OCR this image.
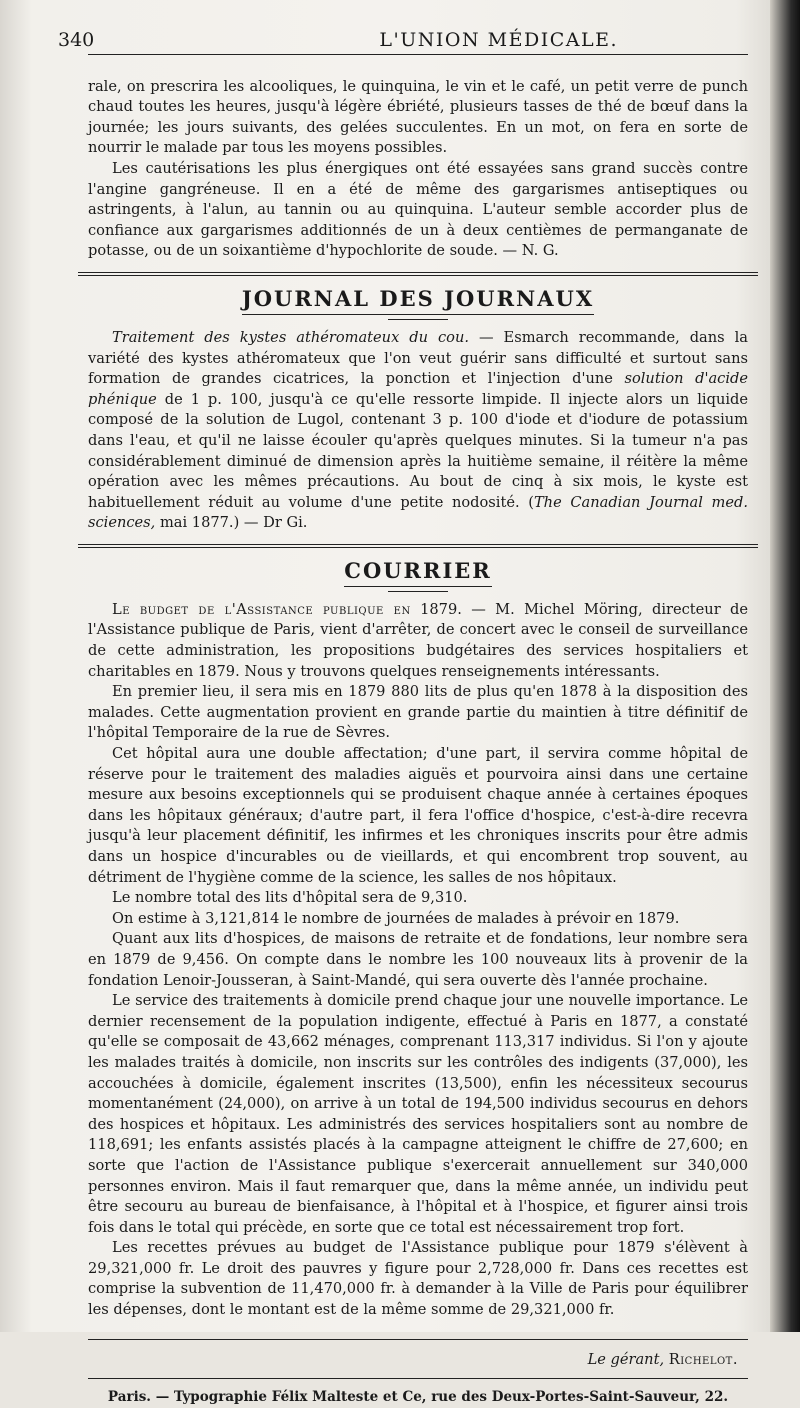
340	L'UNION MÉDICALE.

rale, on prescrira les alcooliques, le quinquina, le vin et le café, un petit verre de punch chaud toutes les heures, jusqu'à légère ébriété, plusieurs tasses de thé de bœuf dans la journée; les jours suivants, des gelées succulentes. En un mot, on fera en sorte de nourrir le malade par tous les moyens possibles.

Les cautérisations les plus énergiques ont été essayées sans grand succès contre l'angine gangréneuse. Il en a été de même des gargarismes antiseptiques ou astringents, à l'alun, au tannin ou au quinquina. L'auteur semble accorder plus de confiance aux gargarismes additionnés de un à deux centièmes de permanganate de potasse, ou de un soixantième d'hypochlorite de soude. — N. G.

JOURNAL DES JOURNAUX

Traitement des kystes athéromateux du cou. — Esmarch recommande, dans la variété des kystes athéromateux que l'on veut guérir sans difficulté et surtout sans formation de grandes cicatrices, la ponction et l'injection d'une solution d'acide phénique de 1 p. 100, jusqu'à ce qu'elle ressorte limpide. Il injecte alors un liquide composé de la solution de Lugol, contenant 3 p. 100 d'iode et d'iodure de potassium dans l'eau, et qu'il ne laisse écouler qu'après quelques minutes. Si la tumeur n'a pas considérablement diminué de dimension après la huitième semaine, il réitère la même opération avec les mêmes précautions. Au bout de cinq à six mois, le kyste est habituellement réduit au volume d'une petite nodosité. (The Canadian Journal med. sciences, mai 1877.) — Dr Gi.

COURRIER

Le budget de l'Assistance publique en 1879. — M. Michel Möring, directeur de l'Assistance publique de Paris, vient d'arrêter, de concert avec le conseil de surveillance de cette administration, les propositions budgétaires des services hospitaliers et charitables en 1879. Nous y trouvons quelques renseignements intéressants.

En premier lieu, il sera mis en 1879 880 lits de plus qu'en 1878 à la disposition des malades. Cette augmentation provient en grande partie du maintien à titre définitif de l'hôpital Temporaire de la rue de Sèvres.

Cet hôpital aura une double affectation; d'une part, il servira comme hôpital de réserve pour le traitement des maladies aiguës et pourvoira ainsi dans une certaine mesure aux besoins exceptionnels qui se produisent chaque année à certaines époques dans les hôpitaux généraux; d'autre part, il fera l'office d'hospice, c'est-à-dire recevra jusqu'à leur placement définitif, les infirmes et les chroniques inscrits pour être admis dans un hospice d'incurables ou de vieillards, et qui encombrent trop souvent, au détriment de l'hygiène comme de la science, les salles de nos hôpitaux.

Le nombre total des lits d'hôpital sera de 9,310.

On estime à 3,121,814 le nombre de journées de malades à prévoir en 1879.

Quant aux lits d'hospices, de maisons de retraite et de fondations, leur nombre sera en 1879 de 9,456. On compte dans le nombre les 100 nouveaux lits à provenir de la fondation Lenoir-Jousseran, à Saint-Mandé, qui sera ouverte dès l'année prochaine.

Le service des traitements à domicile prend chaque jour une nouvelle importance. Le dernier recensement de la population indigente, effectué à Paris en 1877, a constaté qu'elle se composait de 43,662 ménages, comprenant 113,317 individus. Si l'on y ajoute les malades traités à domicile, non inscrits sur les contrôles des indigents (37,000), les accouchées à domicile, également inscrites (13,500), enfin les nécessiteux secourus momentanément (24,000), on arrive à un total de 194,500 individus secourus en dehors des hospices et hôpitaux. Les administrés des services hospitaliers sont au nombre de 118,691; les enfants assistés placés à la campagne atteignent le chiffre de 27,600; en sorte que l'action de l'Assistance publique s'exercerait annuellement sur 340,000 personnes environ. Mais il faut remarquer que, dans la même année, un individu peut être secouru au bureau de bienfaisance, à l'hôpital et à l'hospice, et figurer ainsi trois fois dans le total qui précède, en sorte que ce total est nécessairement trop fort.

Les recettes prévues au budget de l'Assistance publique pour 1879 s'élèvent à 29,321,000 fr. Le droit des pauvres y figure pour 2,728,000 fr. Dans ces recettes est comprise la subvention de 11,470,000 fr. à demander à la Ville de Paris pour équilibrer les dépenses, dont le montant est de la même somme de 29,321,000 fr.

Le gérant, Richelot.
Paris. — Typographie Félix Malteste et Ce, rue des Deux-Portes-Saint-Sauveur, 22.
